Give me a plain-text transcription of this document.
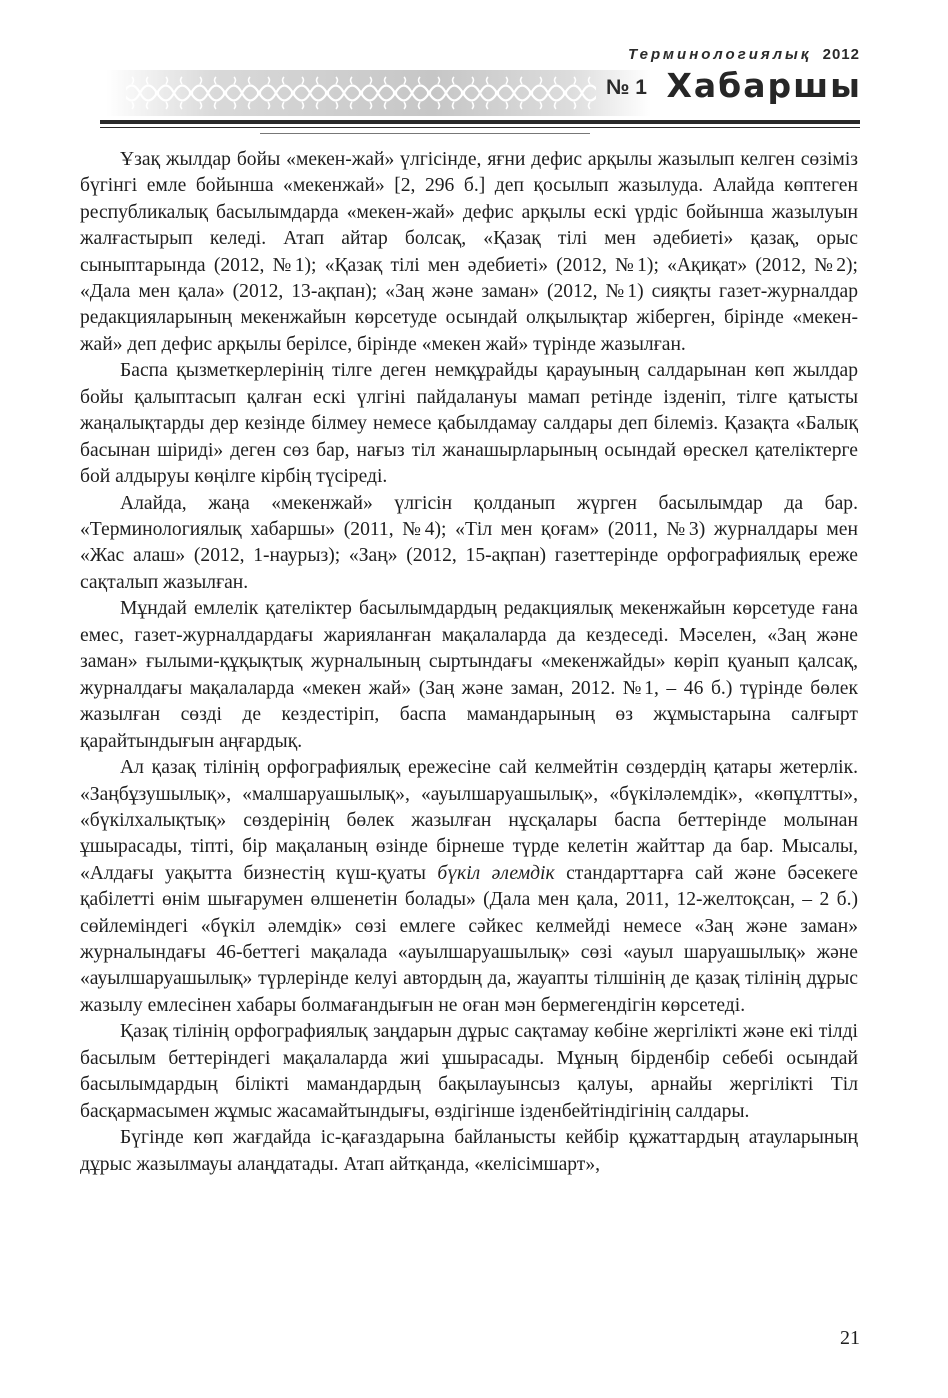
Терминологиялық 2012
№ 1 Хабаршы

Ұзақ жылдар бойы «мекен-жай» үлгісінде, яғни дефис арқылы жазылып келген сөзіміз бүгінгі емле бойынша «мекенжай» [2, 296 б.] деп қосылып жазылуда. Алайда көптеген республикалық басылымдарда «мекен-жай» дефис арқылы ескі үрдіс бойынша жазылуын жалғастырып келеді. Атап айтар болсақ, «Қазақ тілі мен әдебиеті» қазақ, орыс сыныптарында (2012, №1); «Қазақ тілі мен әдебиеті» (2012, №1); «Ақиқат» (2012, №2); «Дала мен қала» (2012, 13-ақпан); «Заң және заман» (2012, №1) сияқты газет-журналдар редакцияларының мекенжайын көрсетуде осындай олқылықтар жіберген, бірінде «мекен-жай» деп дефис арқылы берілсе, бірінде «мекен жай» түрінде жазылған.

Баспа қызметкерлерінің тілге деген немқұрайды қарауының салдарынан көп жылдар бойы қалыптасып қалған ескі үлгіні пайдалануы мамап ретінде ізденіп, тілге қатысты жаңалықтарды дер кезінде білмеу немесе қабылдамау салдары деп білеміз. Қазақта «Балық басынан шіриді» деген сөз бар, нағыз тіл жанашырларының осындай өрескел қателіктерге бой алдыруы көңілге кірбің түсіреді.

Алайда, жаңа «мекенжай» үлгісін қолданып жүрген басылымдар да бар. «Терминологиялық хабаршы» (2011, №4); «Тіл мен қоғам» (2011, №3) журналдары мен «Жас алаш» (2012, 1-наурыз); «Заң» (2012, 15-ақпан) газеттерінде орфографиялық ереже сақталып жазылған.

Мұндай емлелік қателіктер басылымдардың редакциялық мекенжайын көрсетуде ғана емес, газет-журналдардағы жарияланған мақалаларда да кездеседі. Мәселен, «Заң және заман» ғылыми-құқықтық журналының сыртындағы «мекенжайды» көріп қуанып қалсақ, журналдағы мақалаларда «мекен жай» (Заң және заман, 2012. №1, – 46 б.) түрінде бөлек жазылған сөзді де кездестіріп, баспа мамандарының өз жұмыстарына салғырт қарайтындығын аңғардық.

Ал қазақ тілінің орфографиялық ережесіне сай келмейтін сөздердің қатары жетерлік. «Заңбұзушылық», «малшаруашылық», «ауылшаруашылық», «бүкіләлемдік», «көпұлтты», «бүкілхалықтық» сөздерінің бөлек жазылған нұсқалары баспа беттерінде молынан ұшырасады, тіпті, бір мақаланың өзінде бірнеше түрде келетін жайттар да бар. Мысалы, «Алдағы уақытта бизнестің күш-қуаты бүкіл әлемдік стандарттарға сай және бәсекеге қабілетті өнім шығарумен өлшенетін болады» (Дала мен қала, 2011, 12-желтоқсан, – 2 б.) сөйлеміндегі «бүкіл әлемдік» сөзі емлеге сәйкес келмейді немесе «Заң және заман» журналындағы 46-беттегі мақалада «ауылшаруашылық» сөзі «ауыл шаруашылық» және «ауылшаруашылық» түрлерінде келуі автордың да, жауапты тілшінің де қазақ тілінің дұрыс жазылу емлесінен хабары болмағандығын не оған мән бермегендігін көрсетеді.

Қазақ тілінің орфографиялық заңдарын дұрыс сақтамау көбіне жергілікті және екі тілді басылым беттеріндегі мақалаларда жиі ұшырасады. Мұның бірденбір себебі осындай басылымдардың білікті мамандардың бақылауынсыз қалуы, арнайы жергілікті Тіл басқармасымен жұмыс жасамайтындығы, өздігінше ізденбейтіндігінің салдары.

Бүгінде көп жағдайда іс-қағаздарына байланысты кейбір құжаттардың атауларының дұрыс жазылмауы алаңдатады. Атап айтқанда, «келісімшарт»,

21
